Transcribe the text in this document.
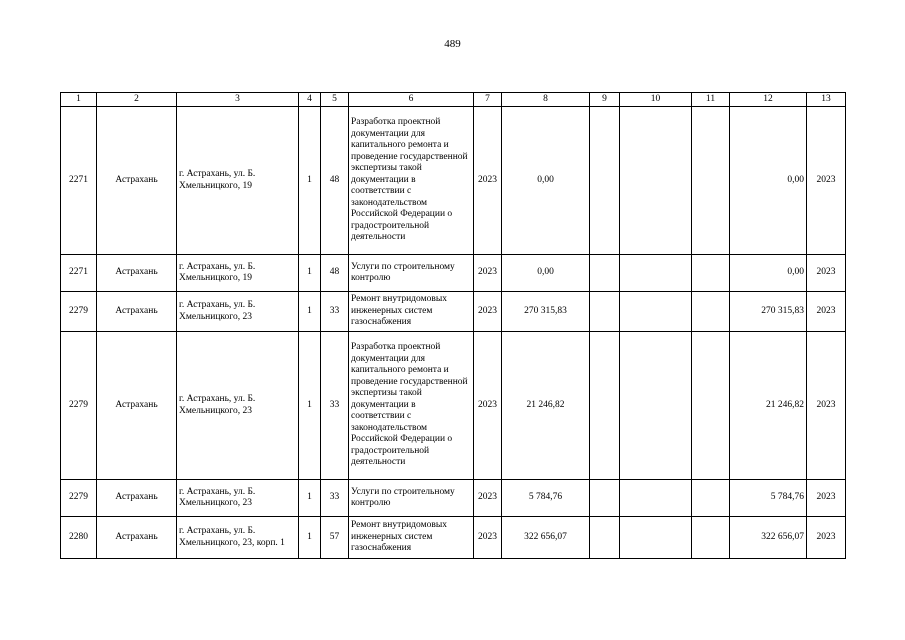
489
1	2	3	4	5	6	7	8	9	10	11	12	13
2271	Астрахань	г. Астрахань, ул. Б. Хмельницкого, 19	1	48	Разработка проектной документации для капитального ремонта и проведение государственной экспертизы такой документации в соответствии с законодательством Российской Федерации о градостроительной деятельности	2023	0,00				0,00	2023
2271	Астрахань	г. Астрахань, ул. Б. Хмельницкого, 19	1	48	Услуги по строительному контролю	2023	0,00				0,00	2023
2279	Астрахань	г. Астрахань, ул. Б. Хмельницкого, 23	1	33	Ремонт внутридомовых инженерных систем газоснабжения	2023	270 315,83				270 315,83	2023
2279	Астрахань	г. Астрахань, ул. Б. Хмельницкого, 23	1	33	Разработка проектной документации для капитального ремонта и проведение государственной экспертизы такой документации в соответствии с законодательством Российской Федерации о градостроительной деятельности	2023	21 246,82				21 246,82	2023
2279	Астрахань	г. Астрахань, ул. Б. Хмельницкого, 23	1	33	Услуги по строительному контролю	2023	5 784,76				5 784,76	2023
2280	Астрахань	г. Астрахань, ул. Б. Хмельницкого, 23, корп. 1	1	57	Ремонт внутридомовых инженерных систем газоснабжения	2023	322 656,07				322 656,07	2023
